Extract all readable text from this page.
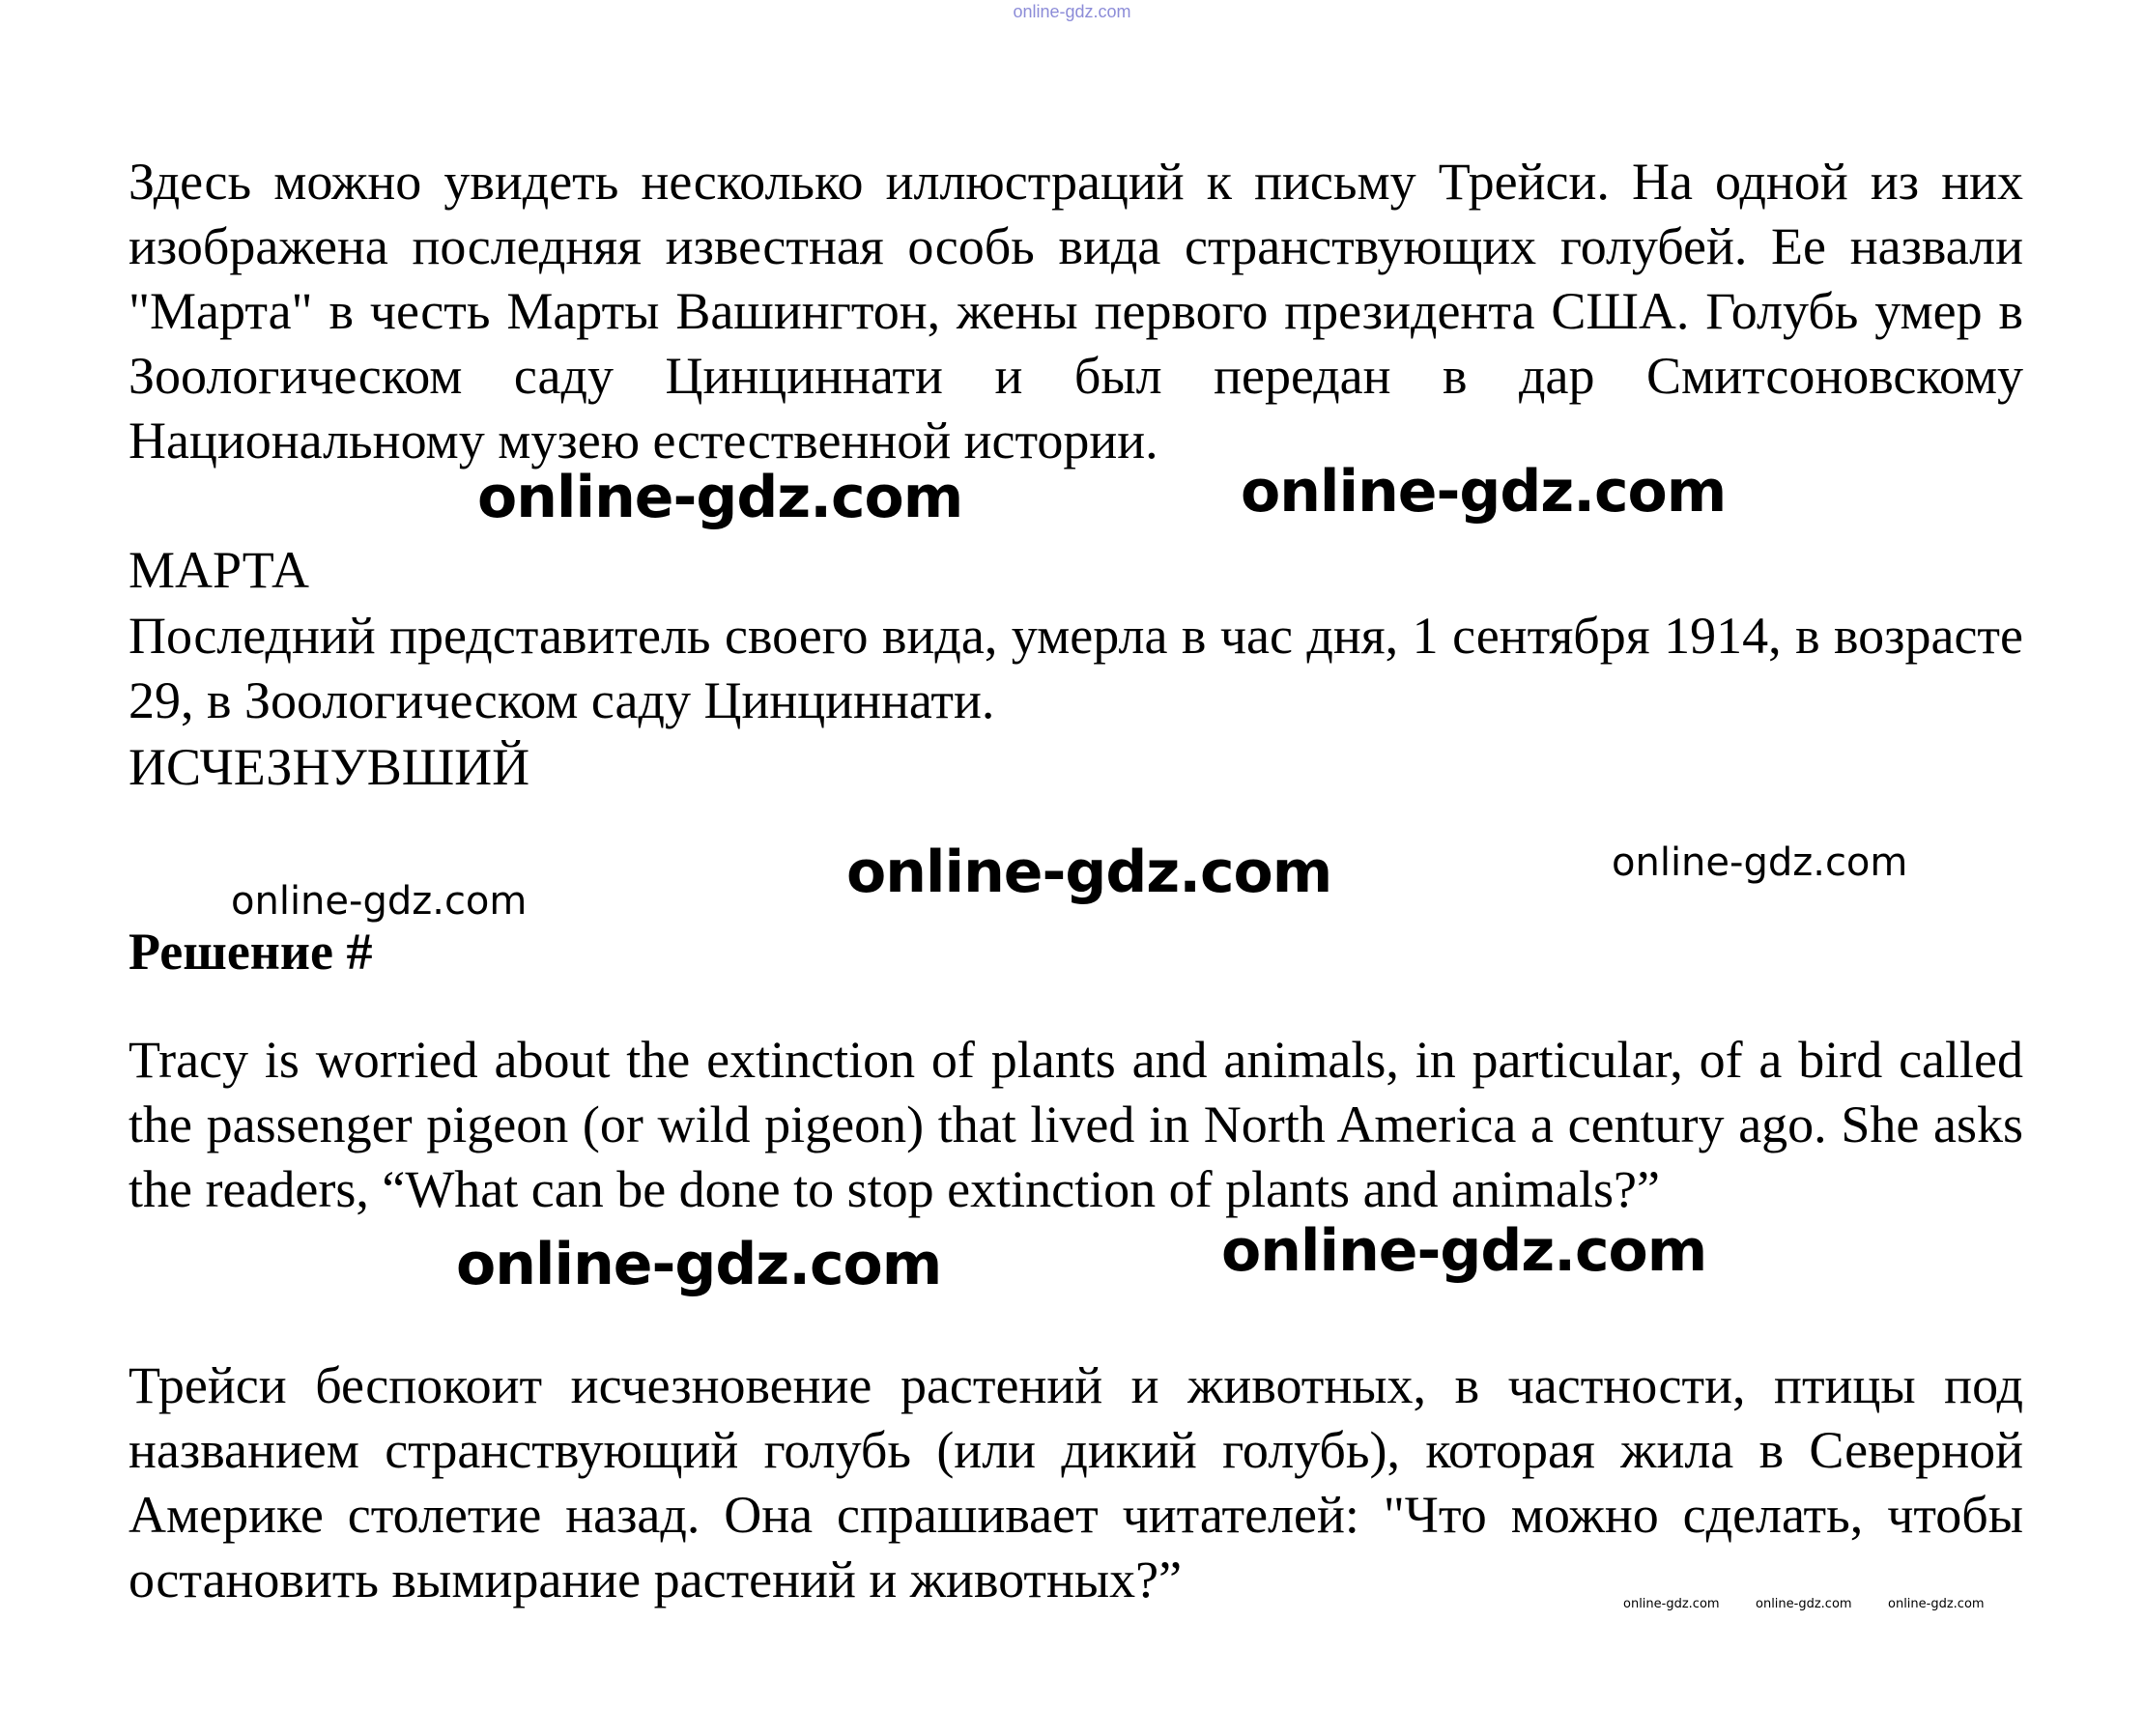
online-gdz.com

Здесь можно увидеть несколько иллюстраций к письму Трейси. На одной из них изображена последняя известная особь вида странствующих голубей. Ее назвали "Марта" в честь Марты Вашингтон, жены первого президента США. Голубь умер в Зоологическом саду Цинциннати и был передан в дар Смитсоновскому Национальному музею естественной истории.

online-gdz.com	online-gdz.com

МАРТА

Последний представитель своего вида, умерла в час дня, 1 сентября 1914, в возрасте 29, в Зоологическом саду Цинциннати.

ИСЧЕЗНУВШИЙ

online-gdz.com	online-gdz.com
online-gdz.com

Решение #

Tracy is worried about the extinction of plants and animals, in particular, of a bird called the passenger pigeon (or wild pigeon) that lived in North America a century ago. She asks the readers, “What can be done to stop extinction of plants and animals?”

online-gdz.com	online-gdz.com

Трейси беспокоит исчезновение растений и животных, в частности, птицы под названием странствующий голубь (или дикий голубь), которая жила в Северной Америке столетие назад. Она спрашивает читателей: "Что можно сделать, чтобы остановить вымирание растений и животных?”	online-gdz.com	online-gdz.com	online-gdz.com
